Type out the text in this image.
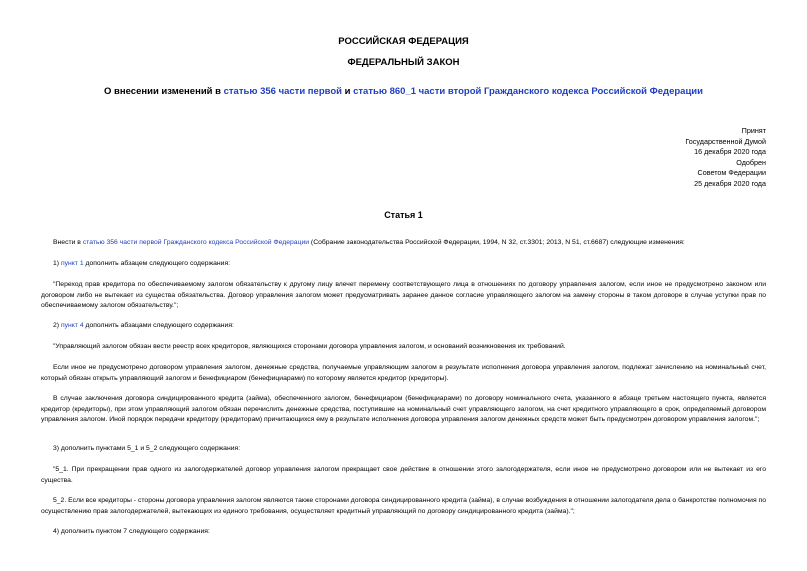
РОССИЙСКАЯ ФЕДЕРАЦИЯ
ФЕДЕРАЛЬНЫЙ ЗАКОН
О внесении изменений в статью 356 части первой и статью 860_1 части второй Гражданского кодекса Российской Федерации
Принят
Государственной Думой
16 декабря 2020 года
Одобрен
Советом Федерации
25 декабря 2020 года
Статья 1
Внести в статью 356 части первой Гражданского кодекса Российской Федерации (Собрание законодательства Российской Федерации, 1994, N 32, ст.3301; 2013, N 51, ст.6687) следующие изменения:
1) пункт 1 дополнить абзацем следующего содержания:
"Переход прав кредитора по обеспечиваемому залогом обязательству к другому лицу влечет перемену соответствующего лица в отношениях по договору управления залогом, если иное не предусмотрено законом или договором либо не вытекает из существа обязательства. Договор управления залогом может предусматривать заранее данное согласие управляющего залогом на замену стороны в таком договоре в случае уступки прав по обеспечиваемому залогом обязательству.";
2) пункт 4 дополнить абзацами следующего содержания:
"Управляющий залогом обязан вести реестр всех кредиторов, являющихся сторонами договора управления залогом, и оснований возникновения их требований.
Если иное не предусмотрено договором управления залогом, денежные средства, получаемые управляющим залогом в результате исполнения договора управления залогом, подлежат зачислению на номинальный счет, который обязан открыть управляющий залогом и бенефициаром (бенефициарами) по которому является кредитор (кредиторы).
В случае заключения договора синдицированного кредита (займа), обеспеченного залогом, бенефициаром (бенефициарами) по договору номинального счета, указанного в абзаце третьем настоящего пункта, является кредитор (кредиторы), при этом управляющий залогом обязан перечислить денежные средства, поступившие на номинальный счет управляющего залогом, на счет кредитного управляющего в срок, определяемый договором управления залогом. Иной порядок передачи кредитору (кредиторам) причитающихся ему в результате исполнения договора управления залогом денежных средств может быть предусмотрен договором управления залогом.";
3) дополнить пунктами 5_1 и 5_2 следующего содержания:
"5_1. При прекращении прав одного из залогодержателей договор управления залогом прекращает свое действие в отношении этого залогодержателя, если иное не предусмотрено договором или не вытекает из его существа.
5_2. Если все кредиторы - стороны договора управления залогом являются также сторонами договора синдицированного кредита (займа), в случае возбуждения в отношении залогодателя дела о банкротстве полномочия по осуществлению прав залогодержателей, вытекающих из единого требования, осуществляет кредитный управляющий по договору синдицированного кредита (займа).";
4) дополнить пунктом 7 следующего содержания:
